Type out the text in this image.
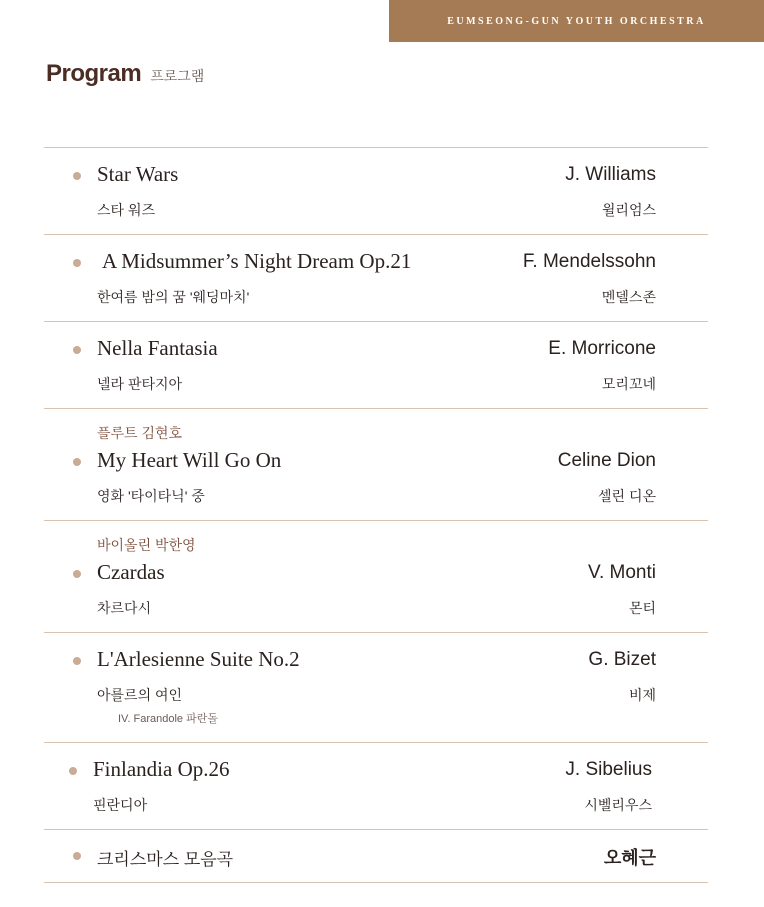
EUMSEONG-GUN YOUTH ORCHESTRA
Program 프로그램
Star Wars
스타 워즈
J. Williams
윌리엄스
A Midsummer’s Night Dream Op.21
한여름 밤의 꿈 '웨딩마치'
F. Mendelssohn
멘델스존
Nella Fantasia
넬라 판타지아
E. Morricone
모리꼬네
플루트 김현호
My Heart Will Go On
영화 '타이타닉' 중
Celine Dion
셀린 디온
바이올린 박한영
Czardas
차르다시
V. Monti
몬티
L'Arlesienne Suite No.2
아를르의 여인
IV. Farandole 파란돌
G. Bizet
비제
Finlandia Op.26
핀란디아
J. Sibelius
시벨리우스
크리스마스 모음곡	오혜근
